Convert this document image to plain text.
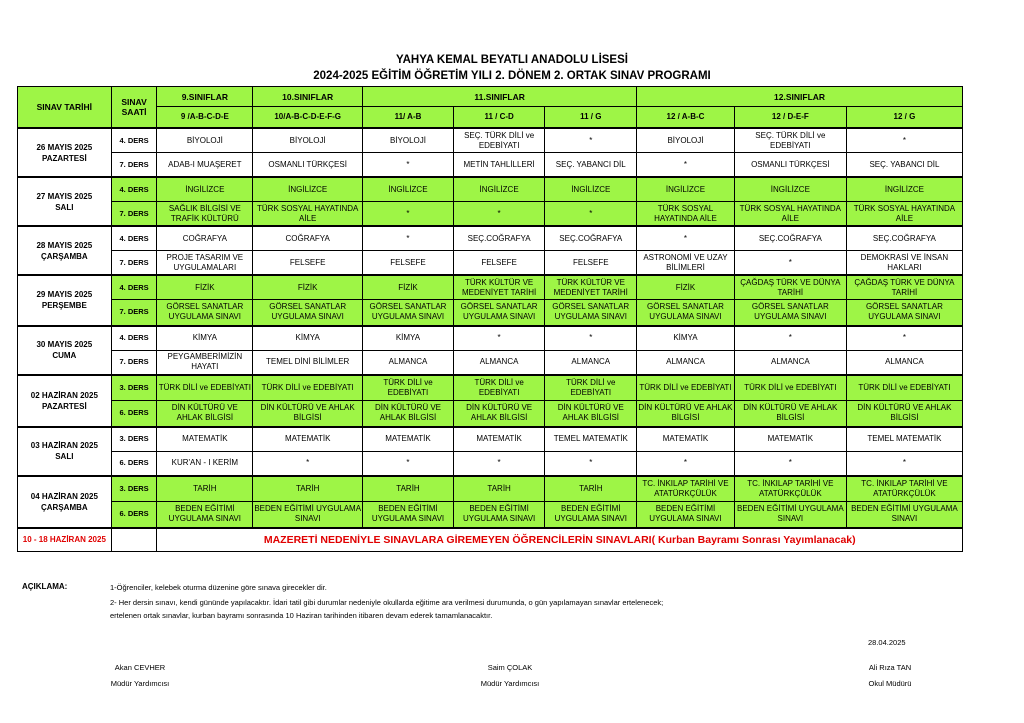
YAHYA KEMAL BEYATLI ANADOLU LİSESİ
2024-2025 EĞİTİM ÖĞRETİM YILI 2. DÖNEM 2. ORTAK SINAV PROGRAMI
SINAV TARİHİ	SINAV SAATİ	9.SINIFLAR	10.SINIFLAR	11.SINIFLAR			12.SINIFLAR		
		9 /A-B-C-D-E	10/A-B-C-D-E-F-G	11/ A-B	11 / C-D	11 / G	12 / A-B-C	12 / D-E-F	12 / G

26 MAYIS 2025
PAZARTESİ	4. DERS	BİYOLOJİ	BİYOLOJİ	BİYOLOJİ	SEÇ. TÜRK DİLİ ve EDEBİYATI	*	BİYOLOJİ	SEÇ. TÜRK DİLİ ve EDEBİYATI	*
	7. DERS	ADAB-I MUAŞERET	OSMANLI TÜRKÇESİ	*	METİN TAHLİLLERİ	SEÇ. YABANCI DİL	*	OSMANLI TÜRKÇESİ	SEÇ. YABANCI DİL

27 MAYIS 2025
SALI	4. DERS	İNGİLİZCE	İNGİLİZCE	İNGİLİZCE	İNGİLİZCE	İNGİLİZCE	İNGİLİZCE	İNGİLİZCE	İNGİLİZCE
	7. DERS	SAĞLIK BİLGİSİ VE TRAFİK KÜLTÜRÜ	TÜRK SOSYAL HAYATINDA AİLE	*	*	*	TÜRK SOSYAL HAYATINDA AİLE	TÜRK SOSYAL HAYATINDA AİLE	TÜRK SOSYAL HAYATINDA AİLE

28 MAYIS 2025
ÇARŞAMBA	4. DERS	COĞRAFYA	COĞRAFYA	*	SEÇ.COĞRAFYA	SEÇ.COĞRAFYA	*	SEÇ.COĞRAFYA	SEÇ.COĞRAFYA
	7. DERS	PROJE TASARIM VE UYGULAMALARI	FELSEFE	FELSEFE	FELSEFE	FELSEFE	ASTRONOMİ VE UZAY BİLİMLERİ	*	DEMOKRASİ VE İNSAN HAKLARI

29 MAYIS 2025
PERŞEMBE	4. DERS	FİZİK	FİZİK	FİZİK	TÜRK KÜLTÜR VE MEDENİYET TARİHİ	TÜRK KÜLTÜR VE MEDENİYET TARİHİ	FİZİK	ÇAĞDAŞ TÜRK VE DÜNYA TARİHİ	ÇAĞDAŞ TÜRK VE DÜNYA TARİHİ
	7. DERS	GÖRSEL SANATLAR UYGULAMA SINAVI	GÖRSEL SANATLAR UYGULAMA SINAVI	GÖRSEL SANATLAR UYGULAMA SINAVI	GÖRSEL SANATLAR UYGULAMA SINAVI	GÖRSEL SANATLAR UYGULAMA SINAVI	GÖRSEL SANATLAR UYGULAMA SINAVI	GÖRSEL SANATLAR UYGULAMA SINAVI	GÖRSEL SANATLAR UYGULAMA SINAVI

30 MAYIS 2025
CUMA	4. DERS	KİMYA	KİMYA	KİMYA	*	*	KİMYA	*	*
	7. DERS	PEYGAMBERİMİZİN HAYATI	TEMEL DİNİ BİLİMLER	ALMANCA	ALMANCA	ALMANCA	ALMANCA	ALMANCA	ALMANCA

02 HAZİRAN 2025
PAZARTESİ	3. DERS	TÜRK DİLİ ve EDEBİYATI	TÜRK DİLİ ve EDEBİYATI	TÜRK DİLİ ve EDEBİYATI	TÜRK DİLİ ve EDEBİYATI	TÜRK DİLİ ve EDEBİYATI	TÜRK DİLİ ve EDEBİYATI	TÜRK DİLİ ve EDEBİYATI	TÜRK DİLİ ve EDEBİYATI
	6. DERS	DİN KÜLTÜRÜ VE AHLAK BİLGİSİ	DİN KÜLTÜRÜ VE AHLAK BİLGİSİ	DİN KÜLTÜRÜ VE AHLAK BİLGİSİ	DİN KÜLTÜRÜ VE AHLAK BİLGİSİ	DİN KÜLTÜRÜ VE AHLAK BİLGİSİ	DİN KÜLTÜRÜ VE AHLAK BİLGİSİ	DİN KÜLTÜRÜ VE AHLAK BİLGİSİ	DİN KÜLTÜRÜ VE AHLAK BİLGİSİ

03 HAZİRAN 2025
SALI	3. DERS	MATEMATİK	MATEMATİK	MATEMATİK	MATEMATİK	TEMEL MATEMATİK	MATEMATİK	MATEMATİK	TEMEL MATEMATİK
	6. DERS	KUR'AN - I KERİM	*	*	*	*	*	*	*

04 HAZİRAN 2025
ÇARŞAMBA	3. DERS	TARİH	TARİH	TARİH	TARİH	TARİH	TC. İNKILAP TARİHİ VE ATATÜRKÇÜLÜK	TC. İNKILAP TARİHİ VE ATATÜRKÇÜLÜK	TC. İNKILAP TARİHİ VE ATATÜRKÇÜLÜK
	6. DERS	BEDEN EĞİTİMİ UYGULAMA SINAVI	BEDEN EĞİTİMİ UYGULAMA SINAVI	BEDEN EĞİTİMİ UYGULAMA SINAVI	BEDEN EĞİTİMİ UYGULAMA SINAVI	BEDEN EĞİTİMİ UYGULAMA SINAVI	BEDEN EĞİTİMİ UYGULAMA SINAVI	BEDEN EĞİTİMİ UYGULAMA SINAVI	BEDEN EĞİTİMİ UYGULAMA SINAVI
10 - 18 HAZİRAN 2025		MAZERETİ NEDENİYLE SINAVLARA GİREMEYEN ÖĞRENCİLERİN SINAVLARI( Kurban Bayramı Sonrası Yayımlanacak)							
AÇIKLAMA:	1-Öğrenciler, kelebek oturma düzenine göre sınava girecekler dir.
2- Her dersin sınavı, kendi gününde yapılacaktır. İdari tatil gibi durumlar nedeniyle okullarda eğitime ara verilmesi durumunda, o gün yapılamayan sınavlar ertelenecek;
ertelenen ortak sınavlar, kurban bayramı sonrasında 10 Haziran tarihinden itibaren devam ederek tamamlanacaktır.
28.04.2025
Akan CEVHER
Müdür Yardımcısı
Saim ÇOLAK
Müdür Yardımcısı
Ali Rıza TAN
Okul Müdürü
